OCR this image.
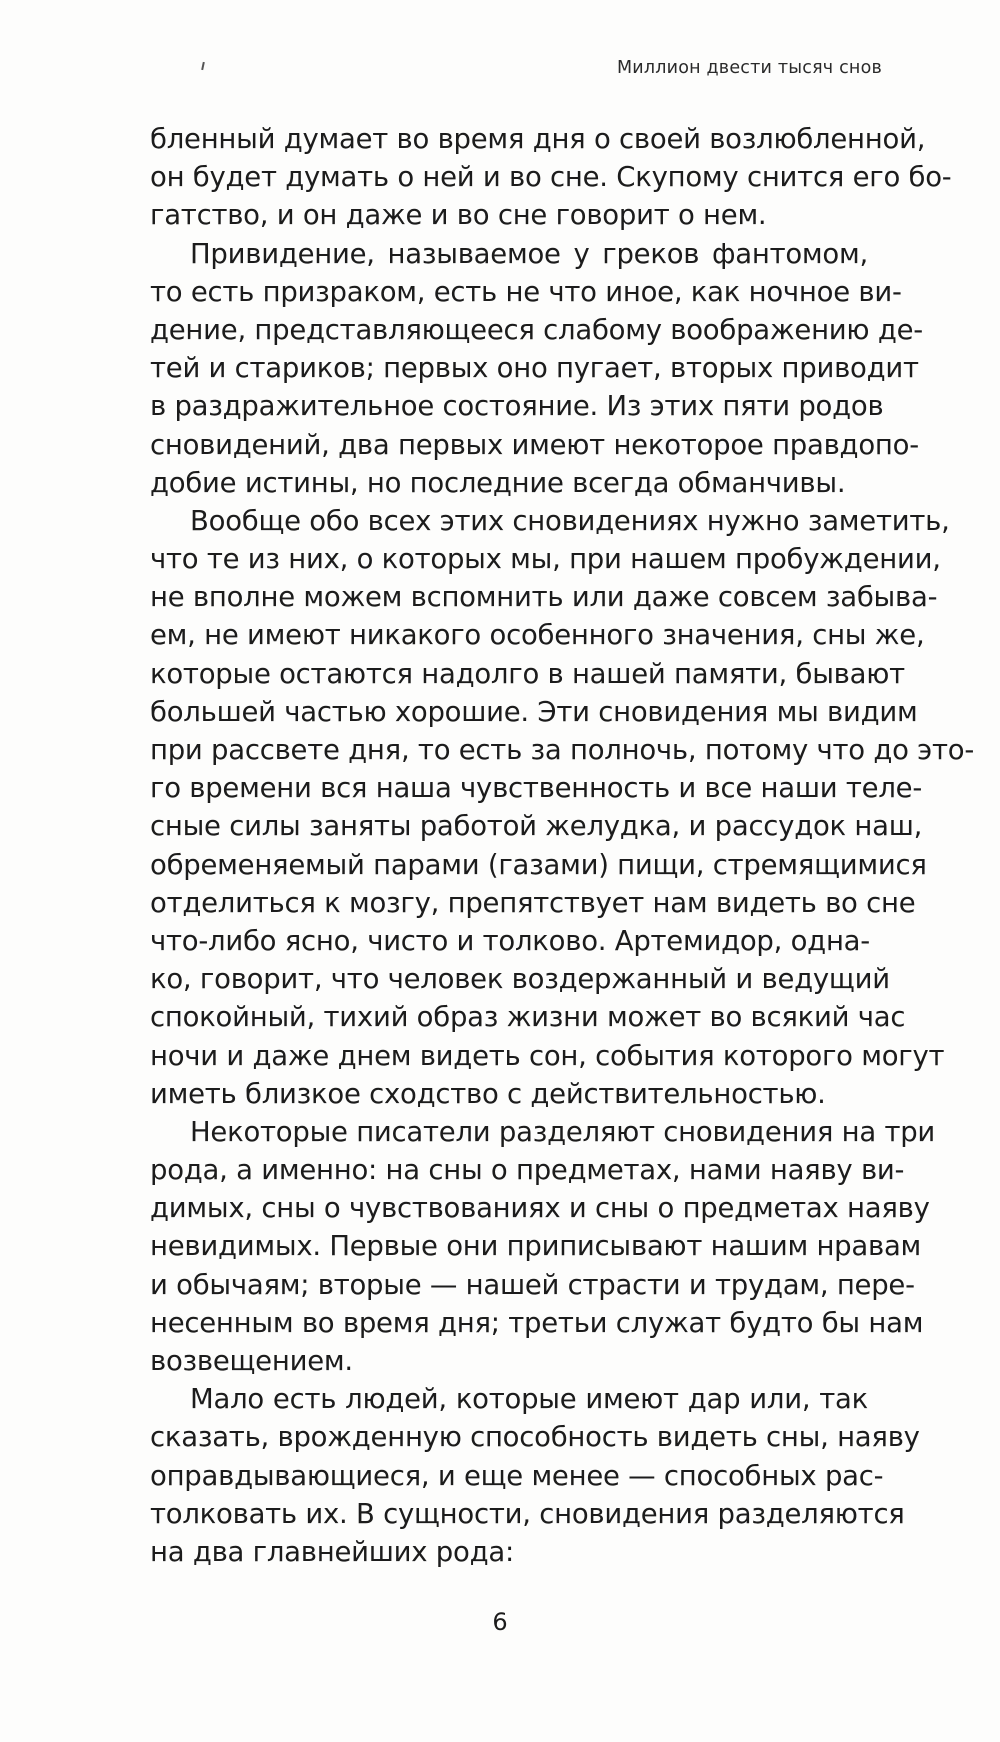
Миллион двести тысяч снов
бленный думает во время дня о своей возлюбленной,
он будет думать о ней и во сне. Скупому снится его бо-
гатство, и он даже и во сне говорит о нем.
Привидение, называемое у греков фантомом,
то есть призраком, есть не что иное, как ночное ви-
дение, представляющееся слабому воображению де-
тей и стариков; первых оно пугает, вторых приводит
в раздражительное состояние. Из этих пяти родов
сновидений, два первых имеют некоторое правдопо-
добие истины, но последние всегда обманчивы.
Вообще обо всех этих сновидениях нужно заметить,
что те из них, о которых мы, при нашем пробуждении,
не вполне можем вспомнить или даже совсем забыва-
ем, не имеют никакого особенного значения, сны же,
которые остаются надолго в нашей памяти, бывают
большей частью хорошие. Эти сновидения мы видим
при рассвете дня, то есть за полночь, потому что до это-
го времени вся наша чувственность и все наши теле-
сные силы заняты работой желудка, и рассудок наш,
обременяемый парами (газами) пищи, стремящимися
отделиться к мозгу, препятствует нам видеть во сне
что-либо ясно, чисто и толково. Артемидор, одна-
ко, говорит, что человек воздержанный и ведущий
спокойный, тихий образ жизни может во всякий час
ночи и даже днем видеть сон, события которого могут
иметь близкое сходство с действительностью.
Некоторые писатели разделяют сновидения на три
рода, а именно: на сны о предметах, нами наяву ви-
димых, сны о чувствованиях и сны о предметах наяву
невидимых. Первые они приписывают нашим нравам
и обычаям; вторые — нашей страсти и трудам, пере-
несенным во время дня; третьи служат будто бы нам
возвещением.
Мало есть людей, которые имеют дар или, так
сказать, врожденную способность видеть сны, наяву
оправдывающиеся, и еще менее — способных рас-
толковать их. В сущности, сновидения разделяются
на два главнейших рода:
6
